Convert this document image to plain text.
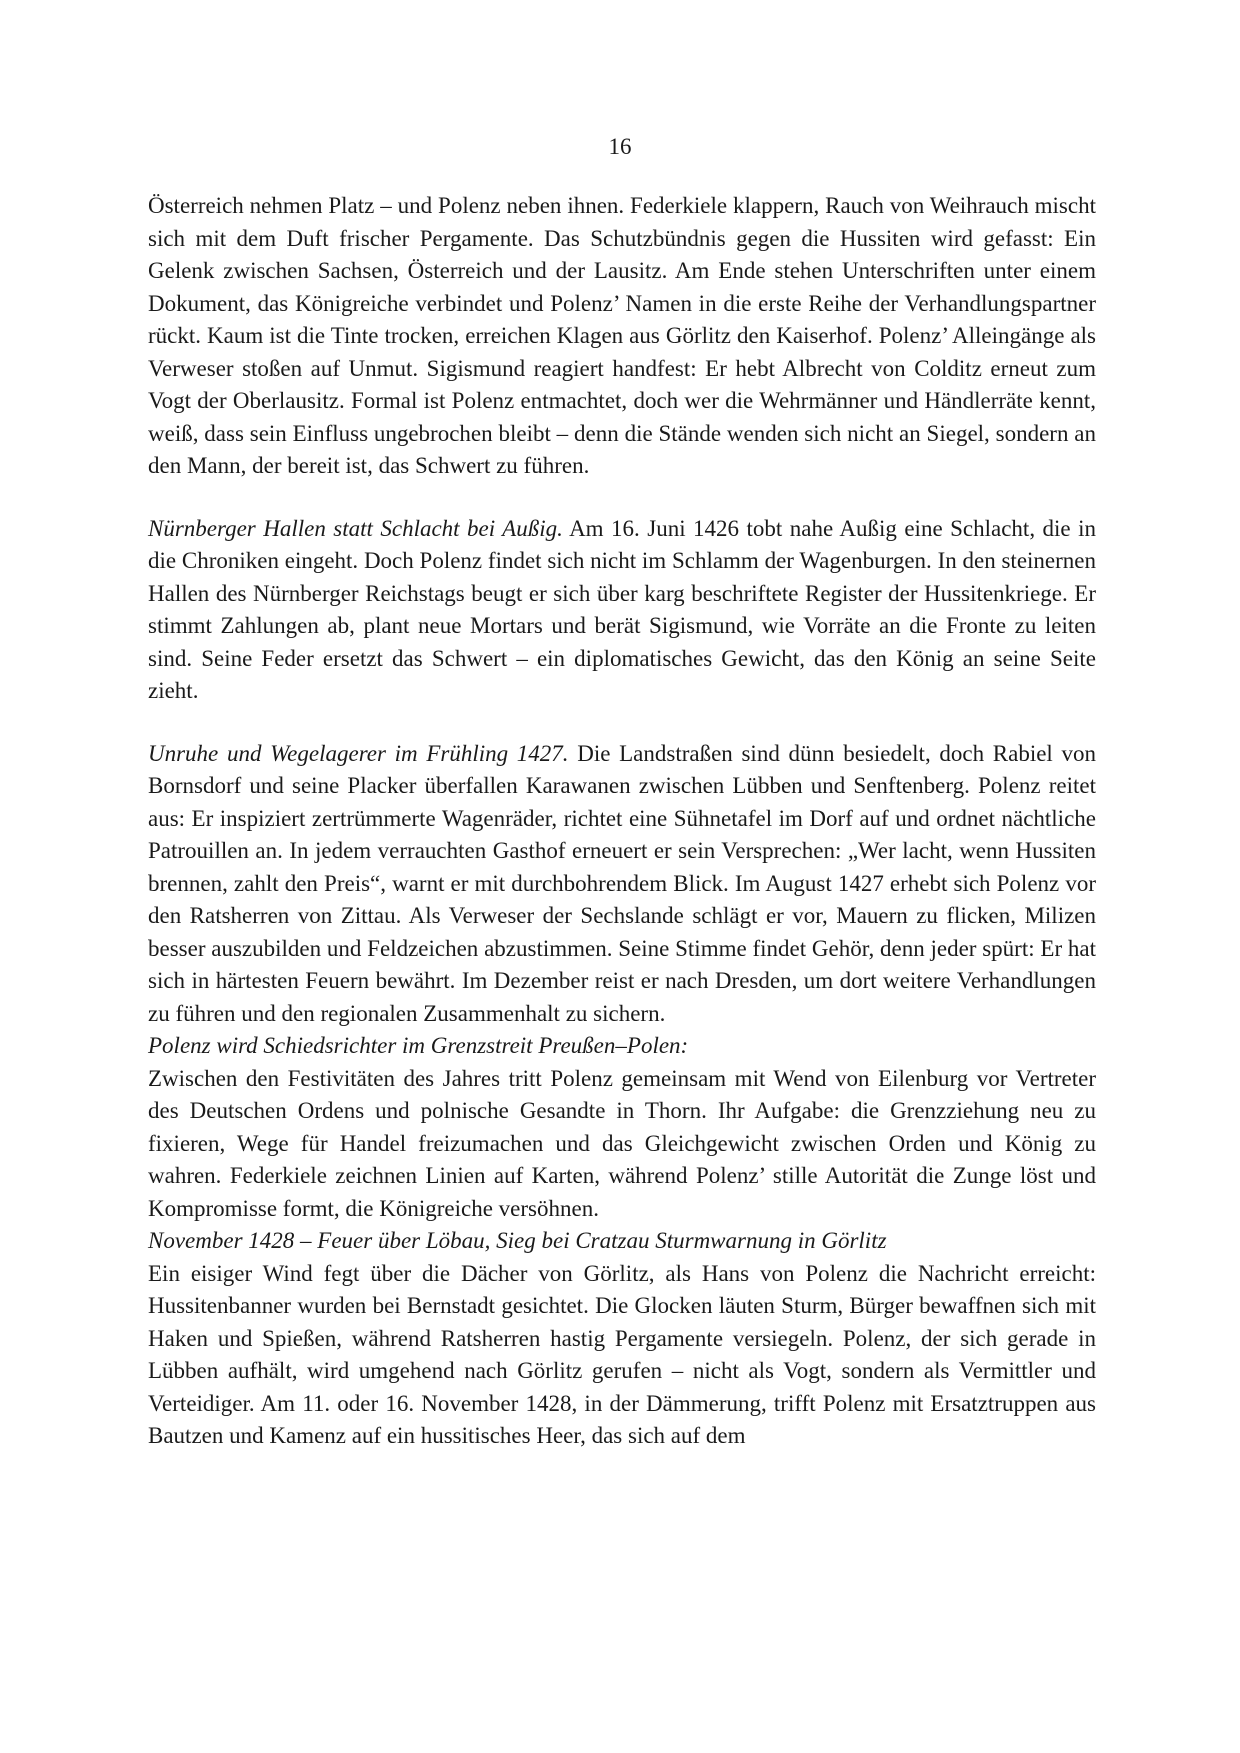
16

Österreich nehmen Platz – und Polenz neben ihnen. Federkiele klappern, Rauch von Weihrauch mischt sich mit dem Duft frischer Pergamente. Das Schutzbündnis gegen die Hussiten wird gefasst: Ein Gelenk zwischen Sachsen, Österreich und der Lausitz. Am Ende stehen Unterschriften unter einem Dokument, das Königreiche verbindet und Polenz’ Namen in die erste Reihe der Verhandlungspartner rückt. Kaum ist die Tinte trocken, erreichen Klagen aus Görlitz den Kaiserhof. Polenz’ Alleingänge als Verweser stoßen auf Unmut. Sigismund reagiert handfest: Er hebt Albrecht von Colditz erneut zum Vogt der Oberlausitz. Formal ist Polenz entmachtet, doch wer die Wehrmänner und Händlerräte kennt, weiß, dass sein Einfluss ungebrochen bleibt – denn die Stände wenden sich nicht an Siegel, sondern an den Mann, der bereit ist, das Schwert zu führen.

Nürnberger Hallen statt Schlacht bei Außig. Am 16. Juni 1426 tobt nahe Außig eine Schlacht, die in die Chroniken eingeht. Doch Polenz findet sich nicht im Schlamm der Wagenburgen. In den steinernen Hallen des Nürnberger Reichstags beugt er sich über karg beschriftete Register der Hussitenkriege. Er stimmt Zahlungen ab, plant neue Mortars und berät Sigismund, wie Vorräte an die Fronte zu leiten sind. Seine Feder ersetzt das Schwert – ein diplomatisches Gewicht, das den König an seine Seite zieht.

Unruhe und Wegelagerer im Frühling 1427. Die Landstraßen sind dünn besiedelt, doch Rabiel von Bornsdorf und seine Placker überfallen Karawanen zwischen Lübben und Senftenberg. Polenz reitet aus: Er inspiziert zertrümmerte Wagenräder, richtet eine Sühnetafel im Dorf auf und ordnet nächtliche Patrouillen an. In jedem verrauchten Gasthof erneuert er sein Versprechen: „Wer lacht, wenn Hussiten brennen, zahlt den Preis“, warnt er mit durchbohrendem Blick. Im August 1427 erhebt sich Polenz vor den Ratsherren von Zittau. Als Verweser der Sechslande schlägt er vor, Mauern zu flicken, Milizen besser auszubilden und Feldzeichen abzustimmen. Seine Stimme findet Gehör, denn jeder spürt: Er hat sich in härtesten Feuern bewährt. Im Dezember reist er nach Dresden, um dort weitere Verhandlungen zu führen und den regionalen Zusammenhalt zu sichern.

Polenz wird Schiedsrichter im Grenzstreit Preußen–Polen:

Zwischen den Festivitäten des Jahres tritt Polenz gemeinsam mit Wend von Eilenburg vor Vertreter des Deutschen Ordens und polnische Gesandte in Thorn. Ihr Aufgabe: die Grenzziehung neu zu fixieren, Wege für Handel freizumachen und das Gleichgewicht zwischen Orden und König zu wahren. Federkiele zeichnen Linien auf Karten, während Polenz’ stille Autorität die Zunge löst und Kompromisse formt, die Königreiche versöhnen.

November 1428 – Feuer über Löbau, Sieg bei Cratzau Sturmwarnung in Görlitz

Ein eisiger Wind fegt über die Dächer von Görlitz, als Hans von Polenz die Nachricht erreicht: Hussitenbanner wurden bei Bernstadt gesichtet. Die Glocken läuten Sturm, Bürger bewaffnen sich mit Haken und Spießen, während Ratsherren hastig Pergamente versiegeln. Polenz, der sich gerade in Lübben aufhält, wird umgehend nach Görlitz gerufen – nicht als Vogt, sondern als Vermittler und Verteidiger. Am 11. oder 16. November 1428, in der Dämmerung, trifft Polenz mit Ersatztruppen aus Bautzen und Kamenz auf ein hussitisches Heer, das sich auf dem
